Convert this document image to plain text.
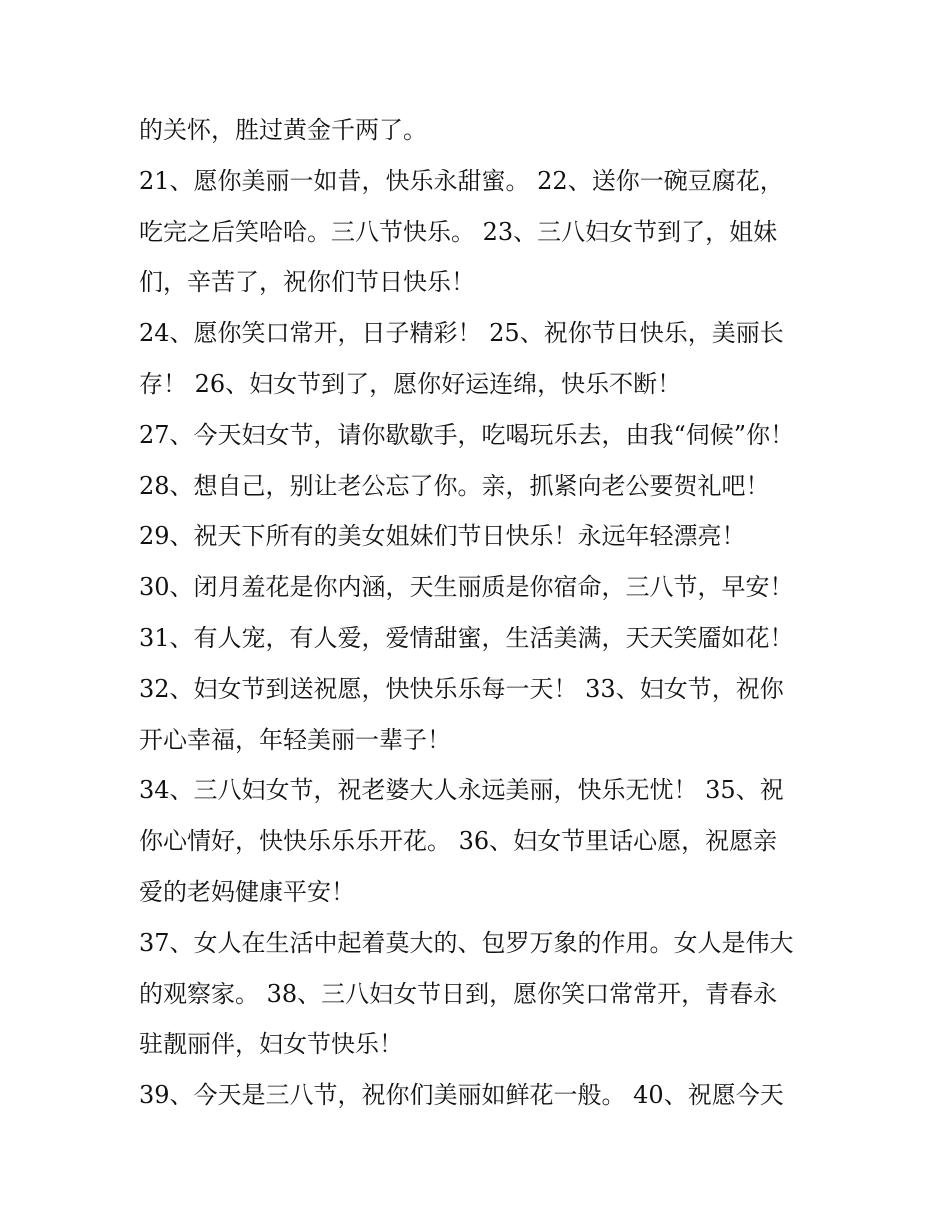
的关怀，胜过黄金千两了。
21、愿你美丽一如昔，快乐永甜蜜。 22、送你一碗豆腐花，
吃完之后笑哈哈。三八节快乐。 23、三八妇女节到了，姐妹
们，辛苦了，祝你们节日快乐！
24、愿你笑口常开，日子精彩！ 25、祝你节日快乐，美丽长
存！ 26、妇女节到了，愿你好运连绵，快乐不断！
27、今天妇女节，请你歇歇手，吃喝玩乐去，由我“伺候”你！
28、想自己，别让老公忘了你。亲，抓紧向老公要贺礼吧！
29、祝天下所有的美女姐妹们节日快乐！永远年轻漂亮！
30、闭月羞花是你内涵，天生丽质是你宿命，三八节，早安！
31、有人宠，有人爱，爱情甜蜜，生活美满，天天笑靥如花！
32、妇女节到送祝愿，快快乐乐每一天！ 33、妇女节，祝你
开心幸福，年轻美丽一辈子！
34、三八妇女节，祝老婆大人永远美丽，快乐无忧！ 35、祝
你心情好，快快乐乐乐开花。 36、妇女节里话心愿，祝愿亲
爱的老妈健康平安！
37、女人在生活中起着莫大的、包罗万象的作用。女人是伟大
的观察家。 38、三八妇女节日到，愿你笑口常常开，青春永
驻靓丽伴，妇女节快乐！
39、今天是三八节，祝你们美丽如鲜花一般。 40、祝愿今天
